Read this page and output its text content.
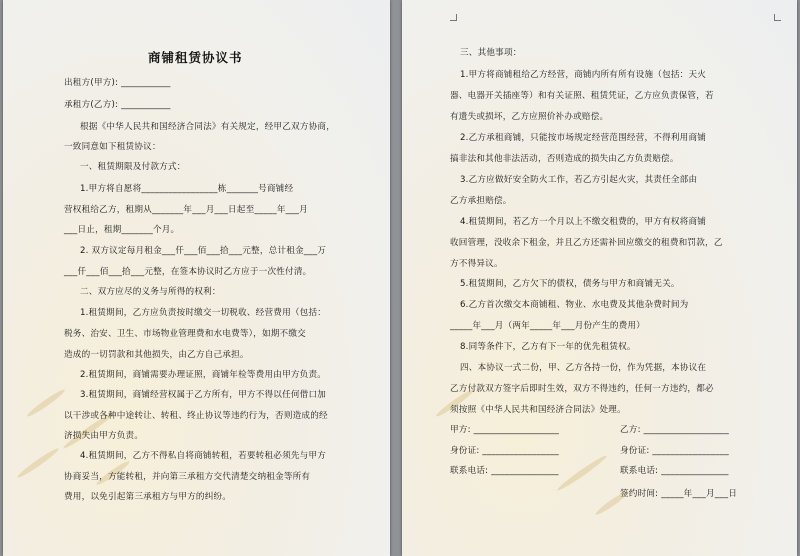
商铺租赁协议书
出租方(甲方): ___________
承租方(乙方): ___________
根据《中华人民共和国经济合同法》有关规定，经甲乙双方协商，
一致同意如下租赁协议：
一、租赁期限及付款方式：
1.甲方将自愿将_________________栋_______号商铺经
营权租给乙方，租期从_______年___月___日起至_____年___月
___日止，租期_______个月。
2. 双方议定每月租金___仟___佰___拾___元整，总计租金___万
___仟___佰___拾___元整，在签本协议时乙方应于一次性付清。
二、双方应尽的义务与所得的权利：
1.租赁期间，乙方应负责按时缴交一切税收、经营费用（包括：
税务、治安、卫生、市场物业管理费和水电费等），如期不缴交
造成的一切罚款和其他损失，由乙方自己承担。
2.租赁期间，商铺需要办理证照，商铺年检等费用由甲方负责。
3.租赁期间，商铺经营权属于乙方所有，甲方不得以任何借口加
以干涉或各种中途转让、转租、终止协议等违约行为，否则造成的经
济损失由甲方负责。
4.租赁期间，乙方不得私自将商铺转租，若要转租必须先与甲方
协商妥当，方能转租，并向第三承租方交代清楚交纳租金等所有
费用，以免引起第三承租方与甲方的纠纷。
三、其他事项：
1.甲方将商铺租给乙方经营，商铺内所有所有设施（包括：天火
器、电器开关插座等）和有关证照、租赁凭证，乙方应负责保管，若
有遗失或损坏，乙方应照价补办或赔偿。
2.乙方承租商铺，只能按市场规定经营范围经营，不得利用商铺
搞非法和其他非法活动，否则造成的损失由乙方负责赔偿。
3.乙方应做好安全防火工作，若乙方引起火灾，其责任全部由
乙方承担赔偿。
4.租赁期间，若乙方一个月以上不缴交租费的，甲方有权将商铺
收回管理，没收余下租金，并且乙方还需补回应缴交的租费和罚款，乙
方不得异议。
5.租赁期间，乙方欠下的债权，债务与甲方和商铺无关。
6.乙方首次缴交本商铺租、物业、水电费及其他杂费时间为
_____年___月（两年_____年___月份产生的费用）
8.同等条件下，乙方有下一年的优先租赁权。
四、本协议一式二份，甲、乙方各持一份，作为凭据，本协议在
乙方付款双方签字后即时生效，双方不得违约，任何一方违约，都必
须按照《中华人民共和国经济合同法》处理。
甲方: ___________________	乙方: ___________________
身份证: _________________	身份证: _________________
联系电话: _______________	联系电话: _______________
签约时间: _____年___月___日
